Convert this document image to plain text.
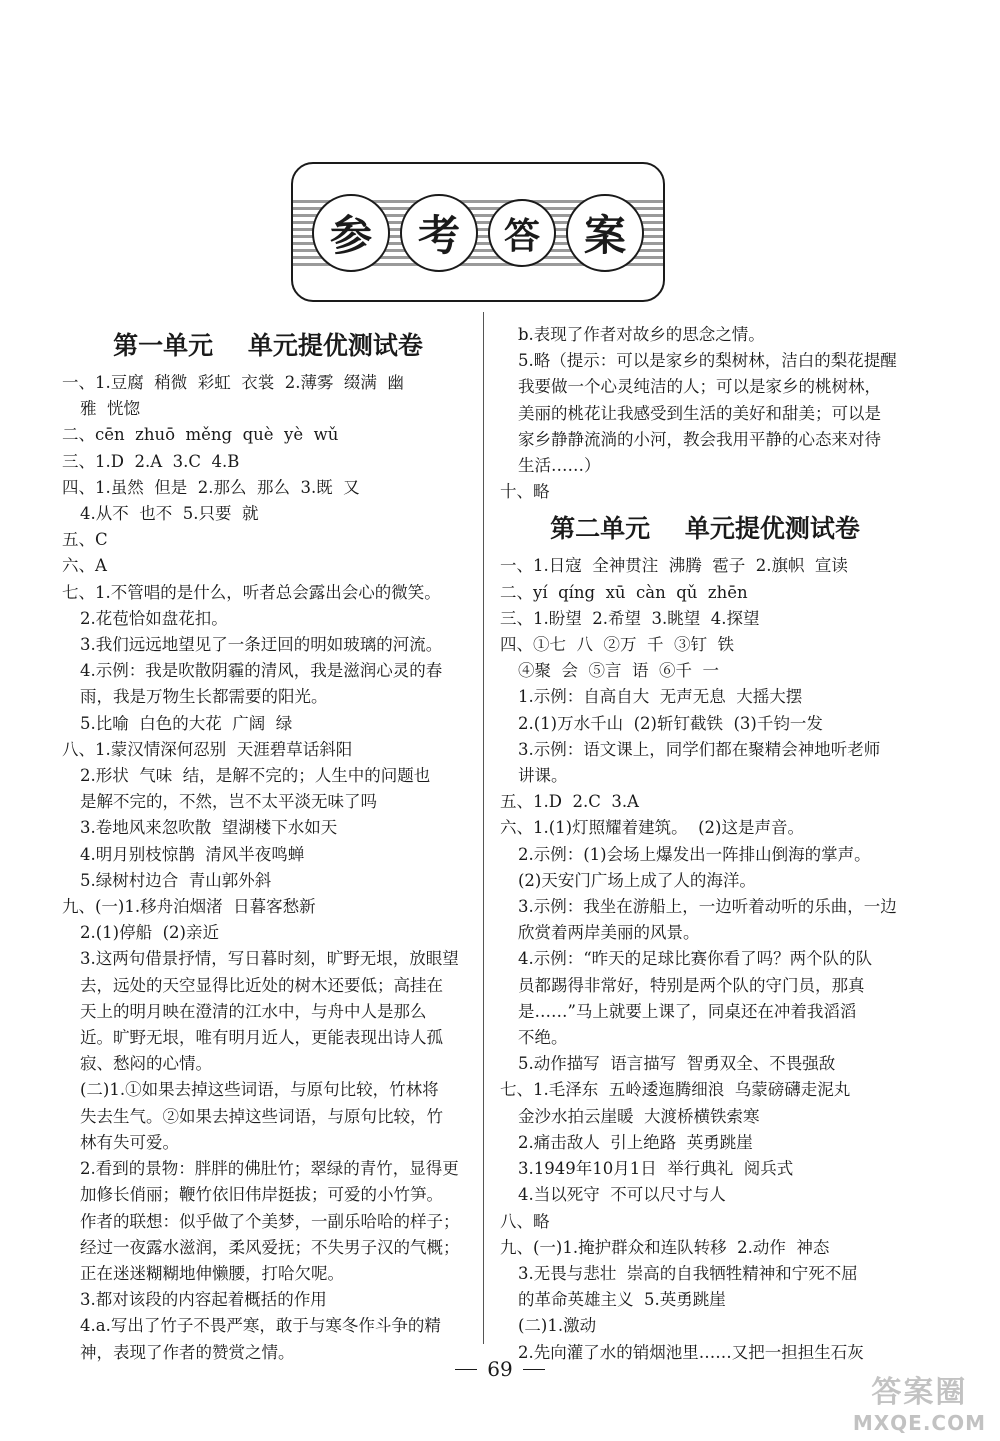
参	考	答	案
第一单元    单元提优测试卷
一、1.豆腐  稍微  彩虹  衣裳  2.薄雾  缀满  幽
雅  恍惚
二、cēn  zhuō  měng  què  yè  wǔ
三、1.D  2.A  3.C  4.B
四、1.虽然  但是  2.那么  那么  3.既  又
4.从不  也不  5.只要  就
五、C
六、A
七、1.不管唱的是什么，听者总会露出会心的微笑。
2.花苞恰如盘花扣。
3.我们远远地望见了一条迂回的明如玻璃的河流。
4.示例：我是吹散阴霾的清风，我是滋润心灵的春
雨，我是万物生长都需要的阳光。
5.比喻  白色的大花  广阔  绿
八、1.蒙汉情深何忍别  天涯碧草话斜阳
2.形状  气味  结，是解不完的；人生中的问题也
是解不完的，不然，岂不太平淡无味了吗
3.卷地风来忽吹散  望湖楼下水如天
4.明月别枝惊鹊  清风半夜鸣蝉
5.绿树村边合  青山郭外斜
九、(一)1.移舟泊烟渚  日暮客愁新
2.(1)停船  (2)亲近
3.这两句借景抒情，写日暮时刻，旷野无垠，放眼望
去，远处的天空显得比近处的树木还要低；高挂在
天上的明月映在澄清的江水中，与舟中人是那么
近。旷野无垠，唯有明月近人，更能表现出诗人孤
寂、愁闷的心情。
(二)1.①如果去掉这些词语，与原句比较，竹林将
失去生气。②如果去掉这些词语，与原句比较，竹
林有失可爱。
2.看到的景物：胖胖的佛肚竹；翠绿的青竹，显得更
加修长俏丽；鞭竹依旧伟岸挺拔；可爱的小竹笋。
作者的联想：似乎做了个美梦，一副乐哈哈的样子；
经过一夜露水滋润，柔风爱抚；不失男子汉的气概；
正在迷迷糊糊地伸懒腰，打哈欠呢。
3.都对该段的内容起着概括的作用
4.a.写出了竹子不畏严寒，敢于与寒冬作斗争的精
神，表现了作者的赞赏之情。
b.表现了作者对故乡的思念之情。
5.略（提示：可以是家乡的梨树林，洁白的梨花提醒
我要做一个心灵纯洁的人；可以是家乡的桃树林，
美丽的桃花让我感受到生活的美好和甜美；可以是
家乡静静流淌的小河，教会我用平静的心态来对待
生活……）
十、略
第二单元    单元提优测试卷
一、1.日寇  全神贯注  沸腾  雹子  2.旗帜  宣读
二、yí  qíng  xū  càn  qǔ  zhēn
三、1.盼望  2.希望  3.眺望  4.探望
四、①七  八  ②万  千  ③钉  铁
④聚  会  ⑤言  语  ⑥千  一
1.示例：自高自大  无声无息  大摇大摆
2.(1)万水千山  (2)斩钉截铁  (3)千钧一发
3.示例：语文课上，同学们都在聚精会神地听老师
讲课。
五、1.D  2.C  3.A
六、1.(1)灯照耀着建筑。  (2)这是声音。
2.示例：(1)会场上爆发出一阵排山倒海的掌声。
(2)天安门广场上成了人的海洋。
3.示例：我坐在游船上，一边听着动听的乐曲，一边
欣赏着两岸美丽的风景。
4.示例：“昨天的足球比赛你看了吗？两个队的队
员都踢得非常好，特别是两个队的守门员，那真
是……”马上就要上课了，同桌还在冲着我滔滔
不绝。
5.动作描写  语言描写  智勇双全、不畏强敌
七、1.毛泽东  五岭逶迤腾细浪  乌蒙磅礴走泥丸
金沙水拍云崖暖  大渡桥横铁索寒
2.痛击敌人  引上绝路  英勇跳崖
3.1949年10月1日  举行典礼  阅兵式
4.当以死守  不可以尺寸与人
八、略
九、(一)1.掩护群众和连队转移  2.动作  神态
3.无畏与悲壮  崇高的自我牺牲精神和宁死不屈
的革命英雄主义  5.英勇跳崖
(二)1.激动
2.先向灌了水的销烟池里……又把一担担生石灰
69
答案圈
MXQE.COM
